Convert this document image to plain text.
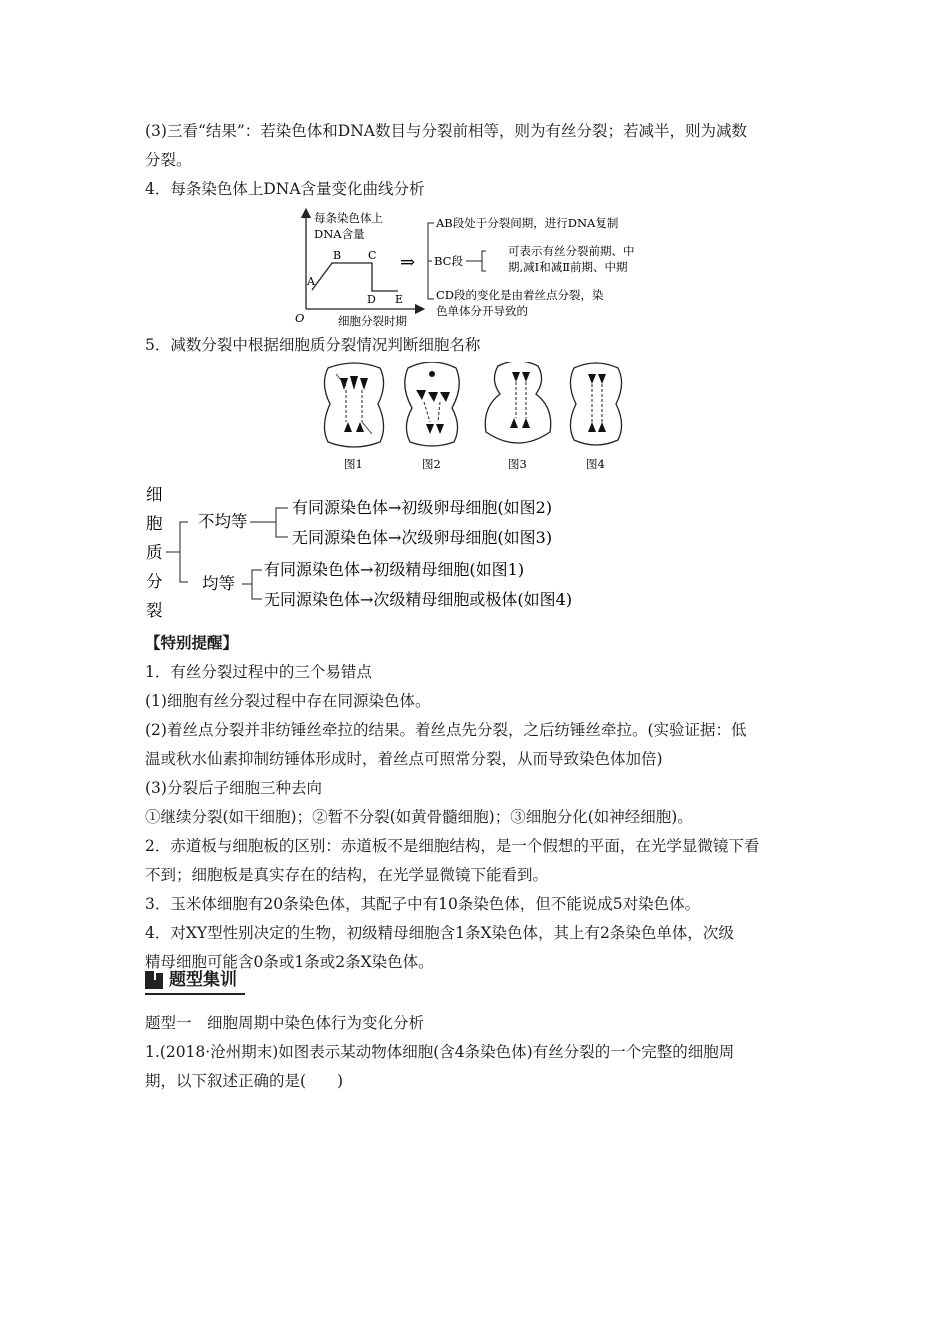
(3)三看“结果”：若染色体和DNA数目与分裂前相等，则为有丝分裂；若减半，则为减数
分裂。
4．每条染色体上DNA含量变化曲线分析
每条染色体上
DNA含量
O	细胞分裂时期
A
B C
D E
⇒
AB段处于分裂间期，进行DNA复制
BC段
可表示有丝分裂前期、中
期,减Ⅰ和减Ⅱ前期、中期
CD段的变化是由着丝点分裂，染
色单体分开导致的
5．减数分裂中根据细胞质分裂情况判断细胞名称
图1	图2	图3	图4
细
胞
质
分
裂
不均等
均等
有同源染色体→初级卵母细胞(如图2)
无同源染色体→次级卵母细胞(如图3)
有同源染色体→初级精母细胞(如图1)
无同源染色体→次级精母细胞或极体(如图4)
【特别提醒】
1．有丝分裂过程中的三个易错点
(1)细胞有丝分裂过程中存在同源染色体。
(2)着丝点分裂并非纺锤丝牵拉的结果。着丝点先分裂，之后纺锤丝牵拉。(实验证据：低
温或秋水仙素抑制纺锤体形成时，着丝点可照常分裂，从而导致染色体加倍)
(3)分裂后子细胞三种去向
①继续分裂(如干细胞)；②暂不分裂(如黄骨髓细胞)；③细胞分化(如神经细胞)。
2．赤道板与细胞板的区别：赤道板不是细胞结构，是一个假想的平面，在光学显微镜下看
不到；细胞板是真实存在的结构，在光学显微镜下能看到。
3．玉米体细胞有20条染色体，其配子中有10条染色体，但不能说成5对染色体。
4．对XY型性别决定的生物，初级精母细胞含1条X染色体，其上有2条染色单体，次级
精母细胞可能含0条或1条或2条X染色体。
题型集训
题型一　细胞周期中染色体行为变化分析
1.(2018·沧州期末)如图表示某动物体细胞(含4条染色体)有丝分裂的一个完整的细胞周
期，以下叙述正确的是(　　)
